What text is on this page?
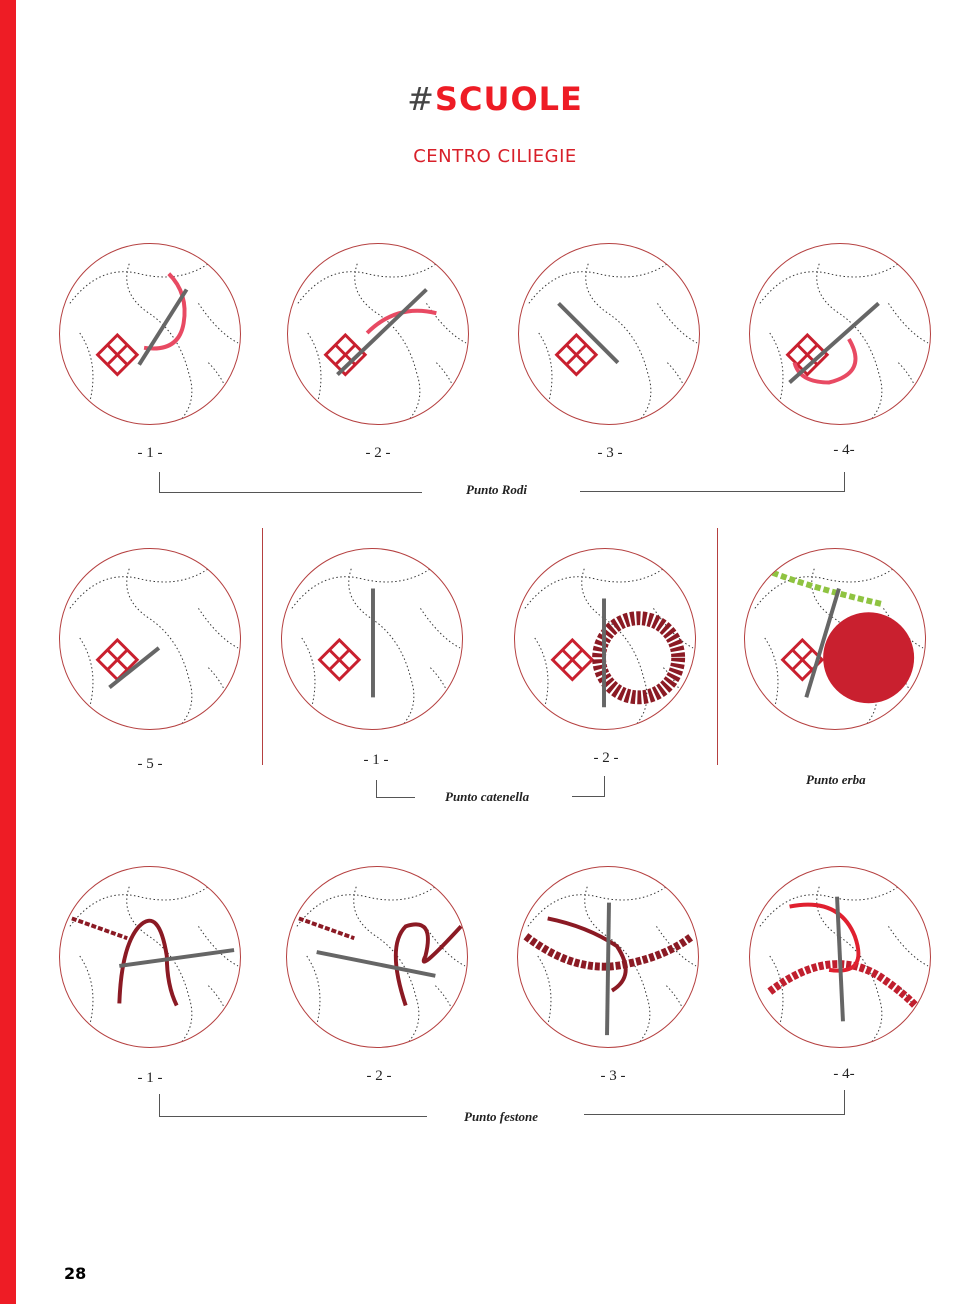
#SCUOLE
CENTRO CILIEGIE
- 1 -	- 2 -	- 3 -	- 4-
Punto Rodi
- 5 -	- 1 -	- 2 -
Punto catenella
Punto erba
- 1 -	- 2 -	- 3 -	- 4-
Punto festone
28
